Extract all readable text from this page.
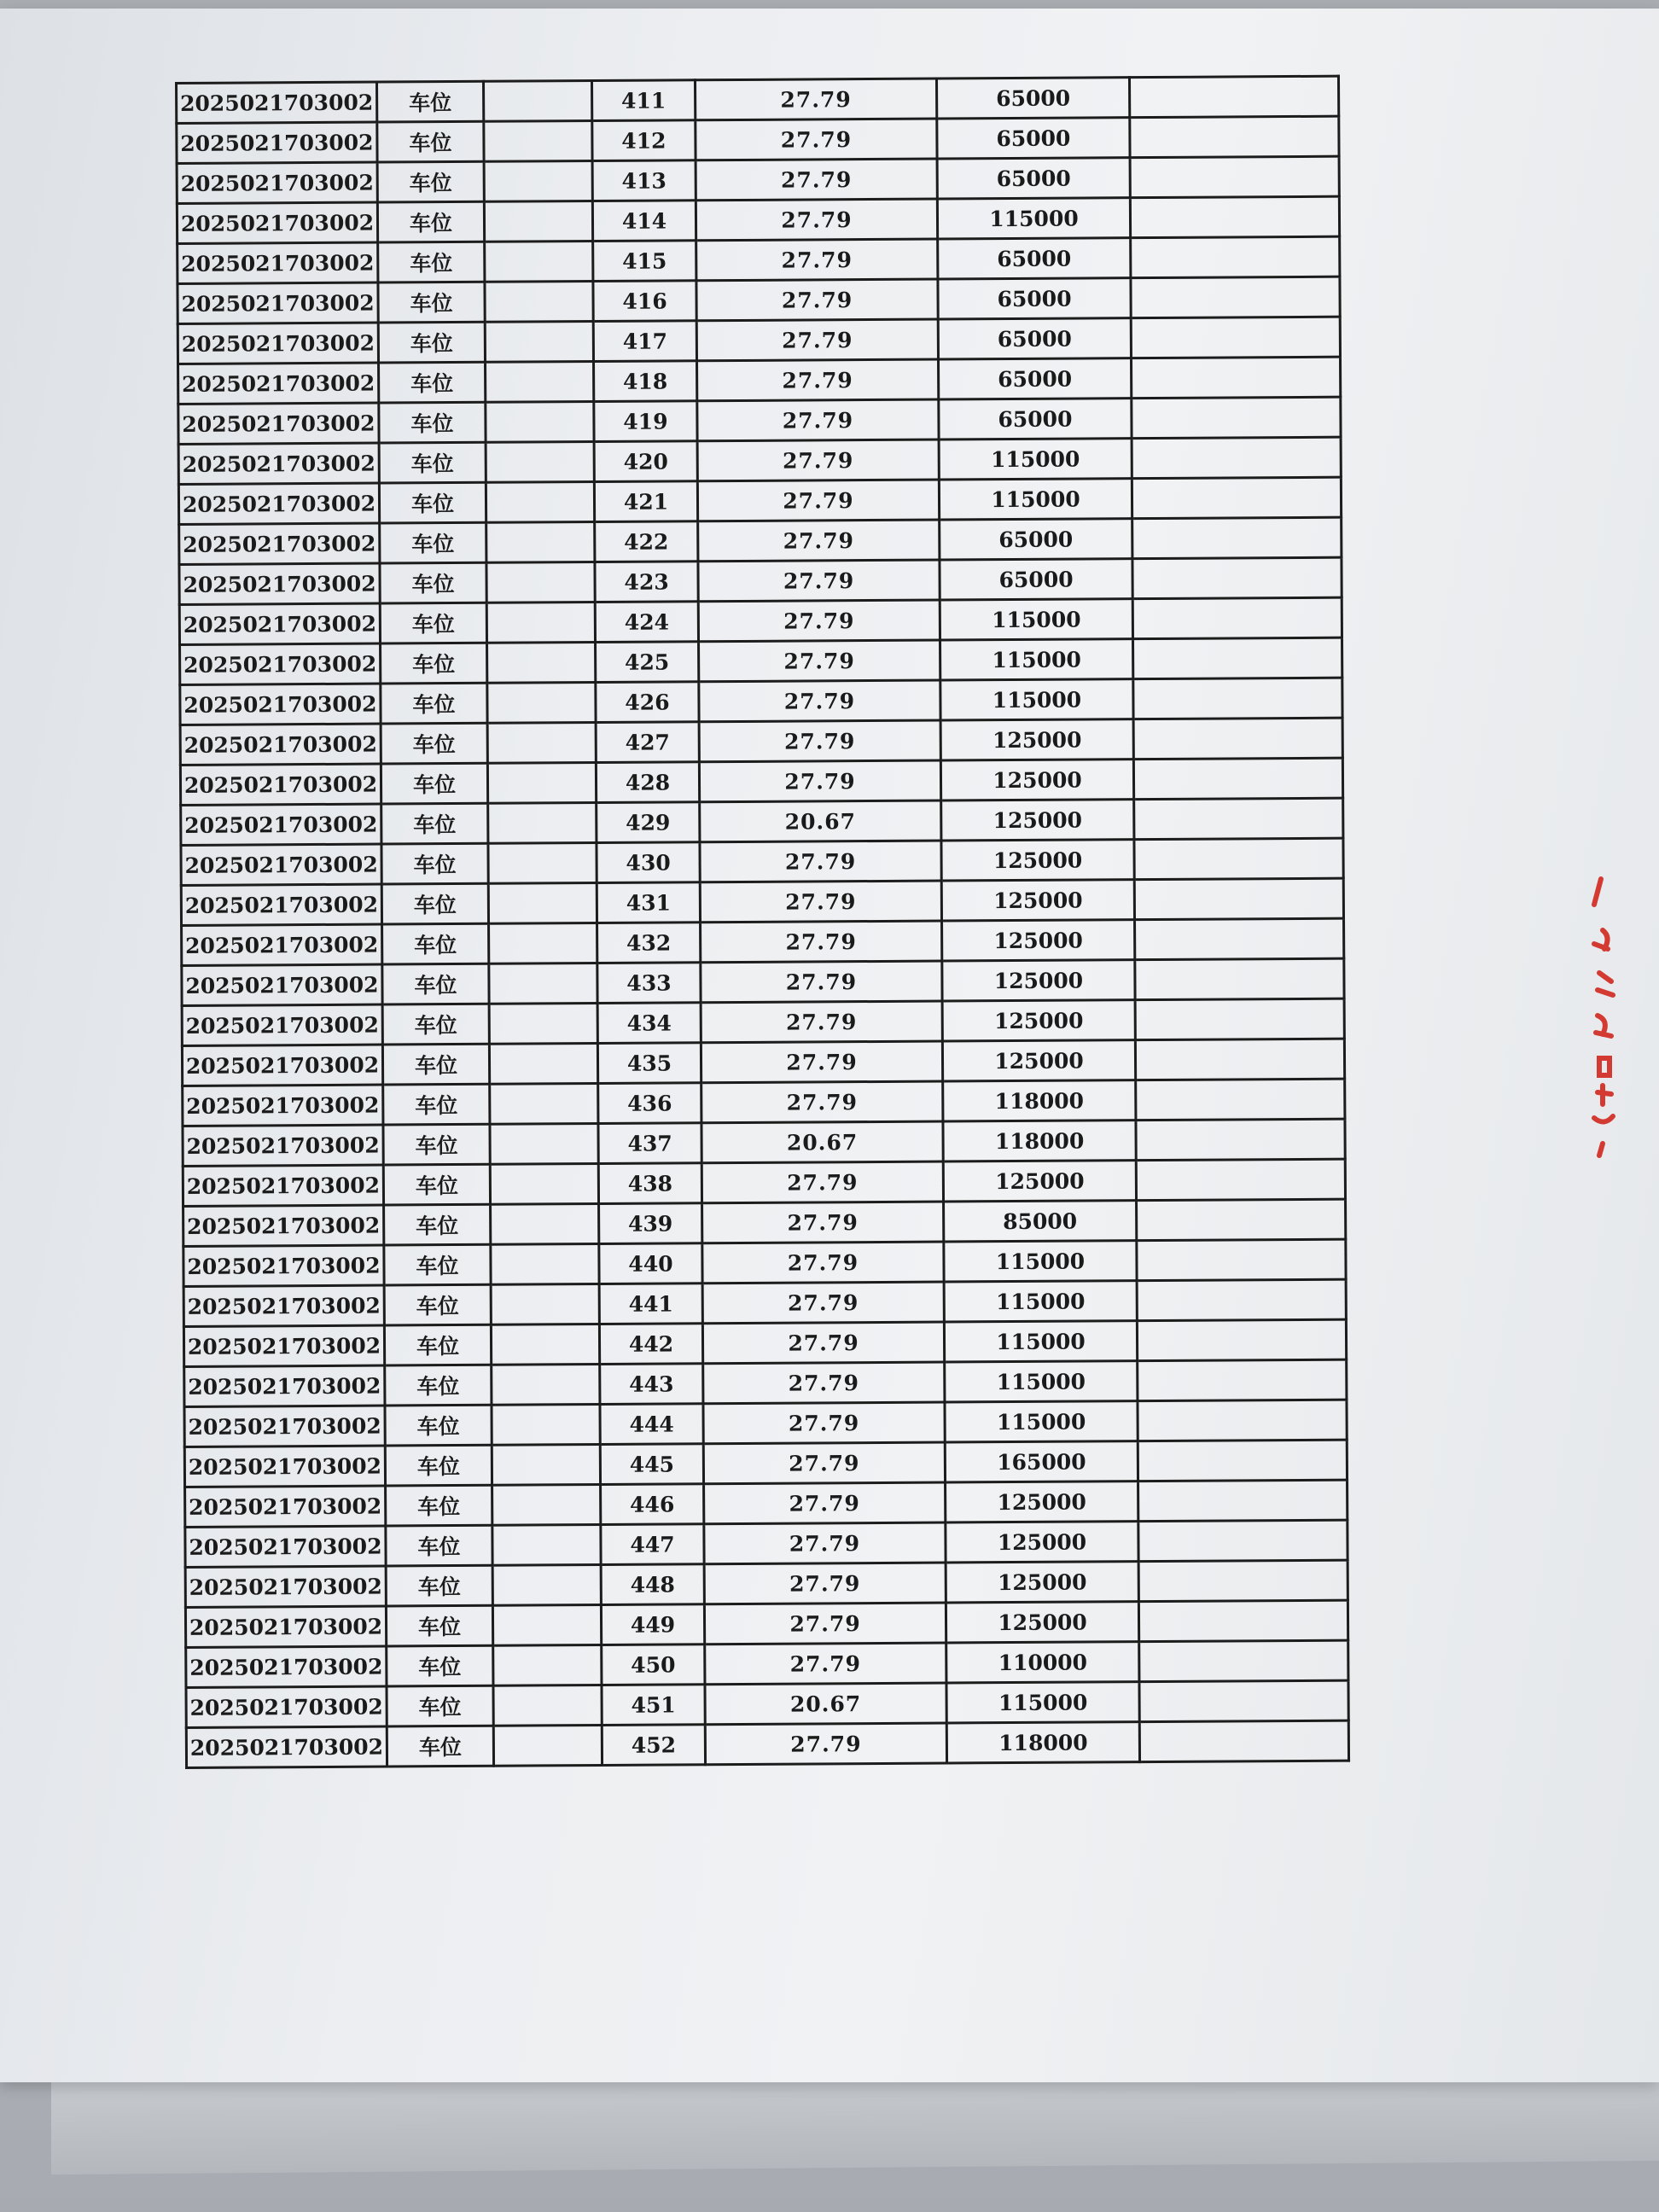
2025021703002	车位		411	27.79	65000	
2025021703002	车位		412	27.79	65000	
2025021703002	车位		413	27.79	65000	
2025021703002	车位		414	27.79	115000	
2025021703002	车位		415	27.79	65000	
2025021703002	车位		416	27.79	65000	
2025021703002	车位		417	27.79	65000	
2025021703002	车位		418	27.79	65000	
2025021703002	车位		419	27.79	65000	
2025021703002	车位		420	27.79	115000	
2025021703002	车位		421	27.79	115000	
2025021703002	车位		422	27.79	65000	
2025021703002	车位		423	27.79	65000	
2025021703002	车位		424	27.79	115000	
2025021703002	车位		425	27.79	115000	
2025021703002	车位		426	27.79	115000	
2025021703002	车位		427	27.79	125000	
2025021703002	车位		428	27.79	125000	
2025021703002	车位		429	20.67	125000	
2025021703002	车位		430	27.79	125000	
2025021703002	车位		431	27.79	125000	
2025021703002	车位		432	27.79	125000	
2025021703002	车位		433	27.79	125000	
2025021703002	车位		434	27.79	125000	
2025021703002	车位		435	27.79	125000	
2025021703002	车位		436	27.79	118000	
2025021703002	车位		437	20.67	118000	
2025021703002	车位		438	27.79	125000	
2025021703002	车位		439	27.79	85000	
2025021703002	车位		440	27.79	115000	
2025021703002	车位		441	27.79	115000	
2025021703002	车位		442	27.79	115000	
2025021703002	车位		443	27.79	115000	
2025021703002	车位		444	27.79	115000	
2025021703002	车位		445	27.79	165000	
2025021703002	车位		446	27.79	125000	
2025021703002	车位		447	27.79	125000	
2025021703002	车位		448	27.79	125000	
2025021703002	车位		449	27.79	125000	
2025021703002	车位		450	27.79	110000	
2025021703002	车位		451	20.67	115000	
2025021703002	车位		452	27.79	118000	
